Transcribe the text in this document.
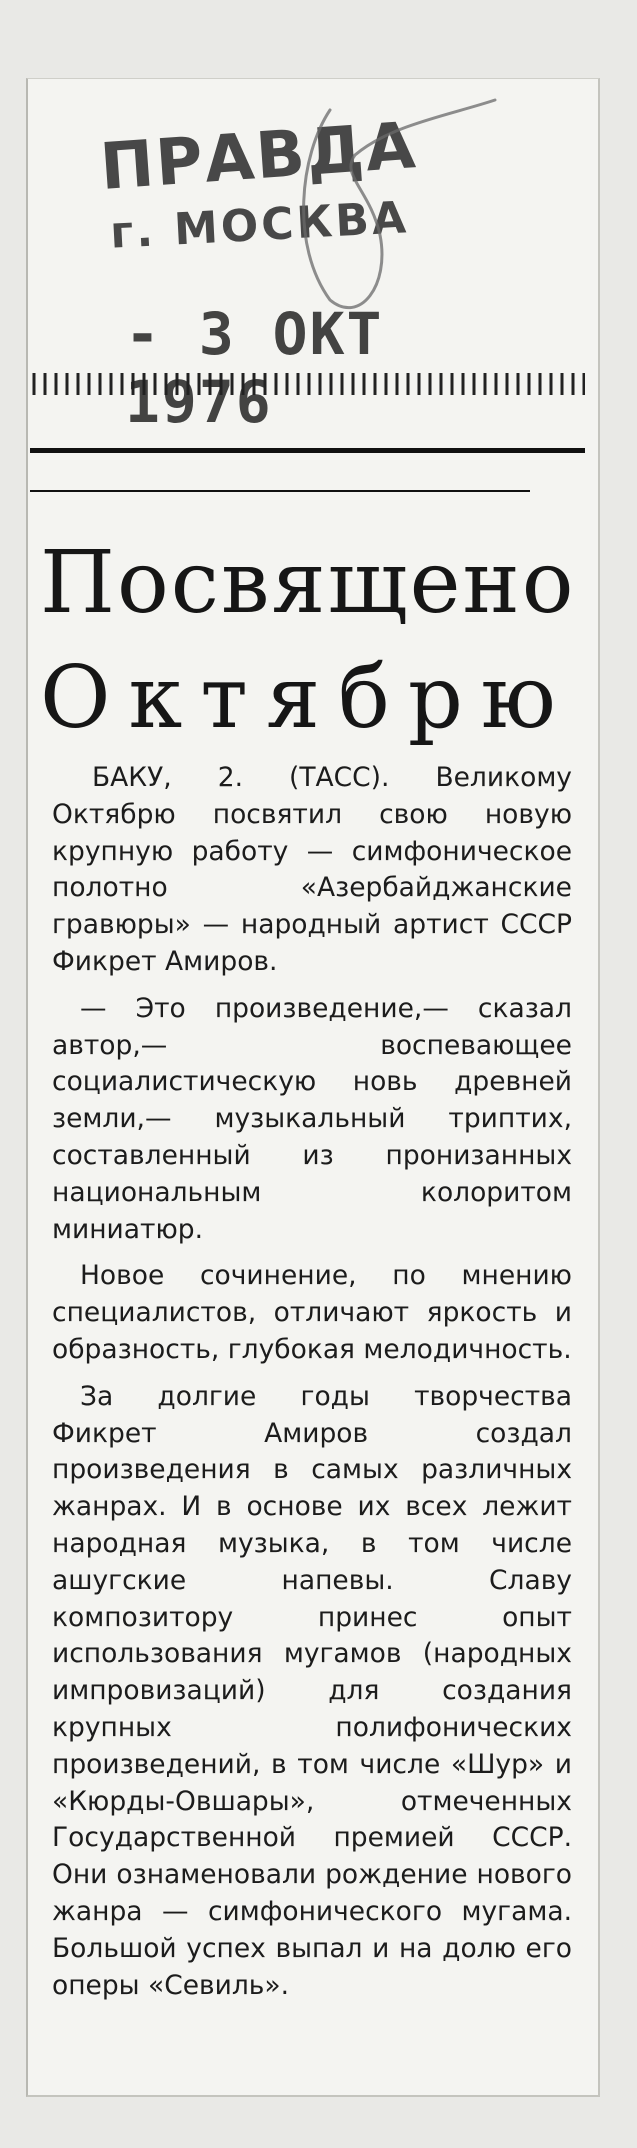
ПРАВДА
г. МОСКВА
- 3 ОКТ 1976
Посвящено
Октябрю

БАКУ, 2. (ТАСС). Великому Октябрю посвятил свою новую крупную работу — симфоническое полотно «Азербайджанские гравюры» — народный артист СССР Фикрет Амиров.

— Это произведение,— сказал автор,— воспевающее социалистическую новь древней земли,— музыкальный триптих, составленный из пронизанных национальным колоритом миниатюр.

Новое сочинение, по мнению специалистов, отличают яркость и образность, глубокая мелодичность.

За долгие годы творчества Фикрет Амиров создал произведения в самых различных жанрах. И в основе их всех лежит народная музыка, в том числе ашугские напевы. Славу композитору принес опыт использования мугамов (народных импровизаций) для создания крупных полифонических произведений, в том числе «Шур» и «Кюрды-Овшары», отмеченных Государственной премией СССР. Они ознаменовали рождение нового жанра — симфонического мугама. Большой успех выпал и на долю его оперы «Севиль».
